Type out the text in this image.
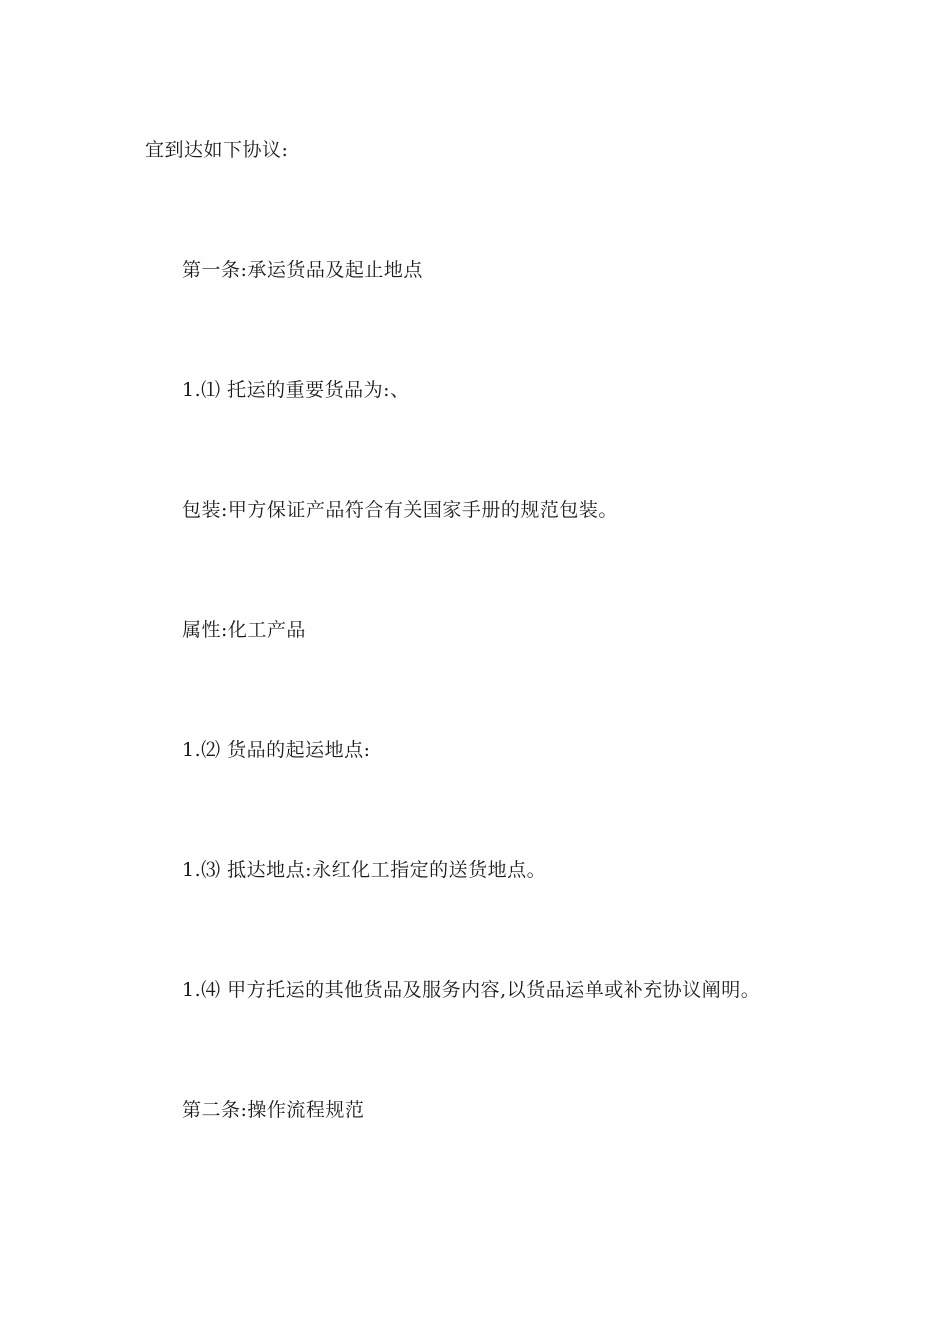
宜到达如下协议:
第一条:承运货品及起止地点
1.⑴ 托运的重要货品为:、
包装:甲方保证产品符合有关国家手册的规范包装。
属性:化工产品
1.⑵ 货品的起运地点:
1.⑶ 抵达地点:永红化工指定的送货地点。
1.⑷ 甲方托运的其他货品及服务内容,以货品运单或补充协议阐明。
第二条:操作流程规范
